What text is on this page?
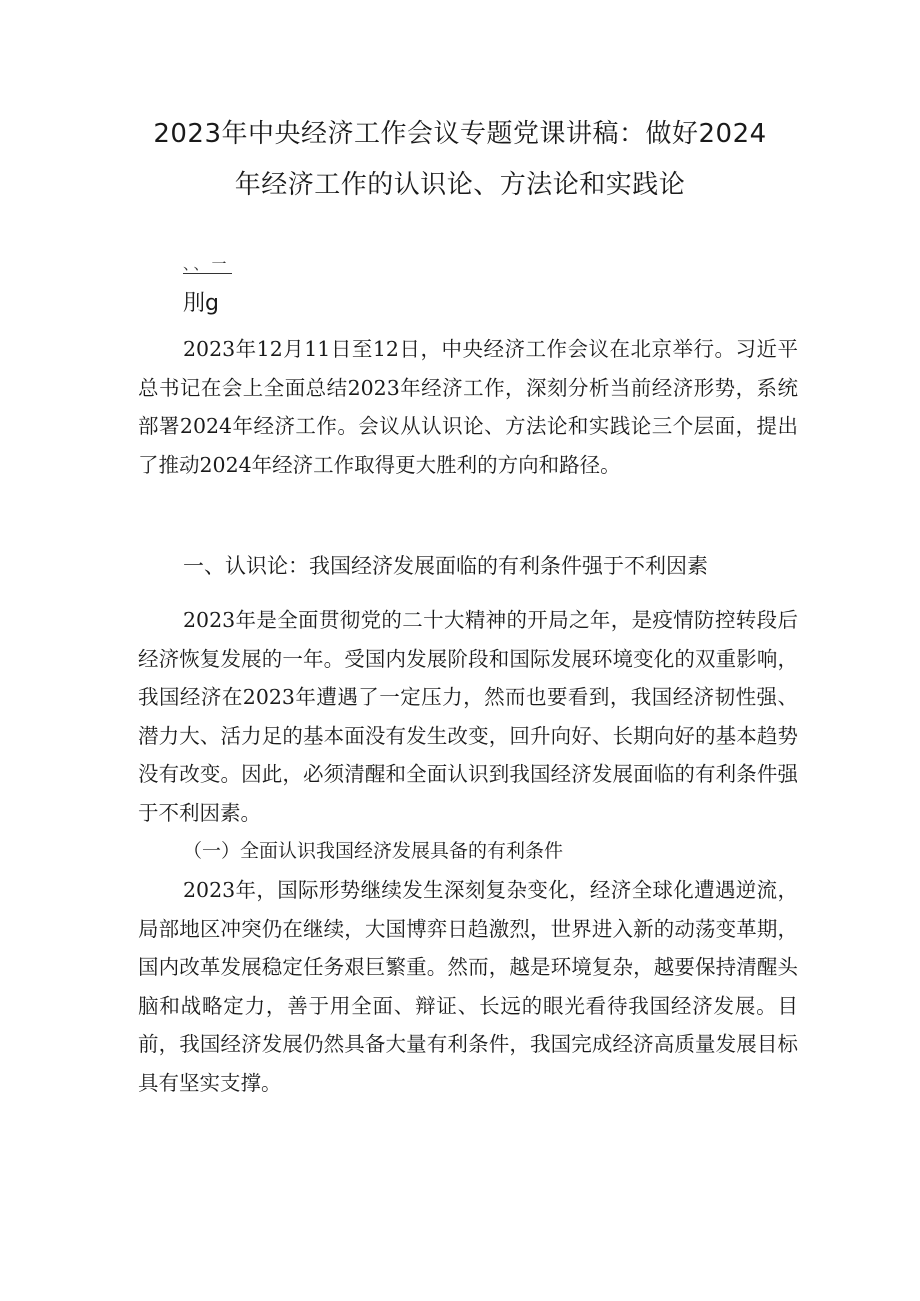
2023年中央经济工作会议专题党课讲稿：做好2024
年经济工作的认识论、方法论和实践论
、、一
刖g

2023年12月11日至12日，中央经济工作会议在北京举行。习近平总书记在会上全面总结2023年经济工作，深刻分析当前经济形势，系统部署2024年经济工作。会议从认识论、方法论和实践论三个层面，提出了推动2024年经济工作取得更大胜利的方向和路径。

一、认识论：我国经济发展面临的有利条件强于不利因素

2023年是全面贯彻党的二十大精神的开局之年，是疫情防控转段后经济恢复发展的一年。受国内发展阶段和国际发展环境变化的双重影响，我国经济在2023年遭遇了一定压力，然而也要看到，我国经济韧性强、潜力大、活力足的基本面没有发生改变，回升向好、长期向好的基本趋势没有改变。因此，必须清醒和全面认识到我国经济发展面临的有利条件强于不利因素。

（一）全面认识我国经济发展具备的有利条件

2023年，国际形势继续发生深刻复杂变化，经济全球化遭遇逆流，局部地区冲突仍在继续，大国博弈日趋激烈，世界进入新的动荡变革期，国内改革发展稳定任务艰巨繁重。然而，越是环境复杂，越要保持清醒头脑和战略定力，善于用全面、辩证、长远的眼光看待我国经济发展。目前，我国经济发展仍然具备大量有利条件，我国完成经济高质量发展目标具有坚实支撑。
